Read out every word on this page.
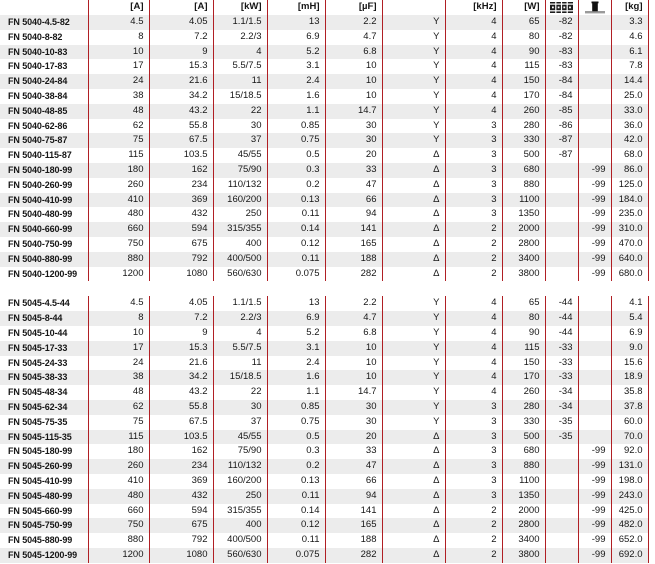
	[A]	[A]	[kW]	[mH]	[µF]		[kHz]	[W]			[kg]
FN 5040-4.5-82	4.5	4.05	1.1/1.5	13	2.2	Y	4	65	-82		3.3
FN 5040-8-82	8	7.2	2.2/3	6.9	4.7	Y	4	80	-82		4.6
FN 5040-10-83	10	9	4	5.2	6.8	Y	4	90	-83		6.1
FN 5040-17-83	17	15.3	5.5/7.5	3.1	10	Y	4	115	-83		7.8
FN 5040-24-84	24	21.6	11	2.4	10	Y	4	150	-84		14.4
FN 5040-38-84	38	34.2	15/18.5	1.6	10	Y	4	170	-84		25.0
FN 5040-48-85	48	43.2	22	1.1	14.7	Y	4	260	-85		33.0
FN 5040-62-86	62	55.8	30	0.85	30	Y	3	280	-86		36.0
FN 5040-75-87	75	67.5	37	0.75	30	Y	3	330	-87		42.0
FN 5040-115-87	115	103.5	45/55	0.5	20	Δ	3	500	-87		68.0
FN 5040-180-99	180	162	75/90	0.3	33	Δ	3	680		-99	86.0
FN 5040-260-99	260	234	110/132	0.2	47	Δ	3	880		-99	125.0
FN 5040-410-99	410	369	160/200	0.13	66	Δ	3	1100		-99	184.0
FN 5040-480-99	480	432	250	0.11	94	Δ	3	1350		-99	235.0
FN 5040-660-99	660	594	315/355	0.14	141	Δ	2	2000		-99	310.0
FN 5040-750-99	750	675	400	0.12	165	Δ	2	2800		-99	470.0
FN 5040-880-99	880	792	400/500	0.11	188	Δ	2	3400		-99	640.0
FN 5040-1200-99	1200	1080	560/630	0.075	282	Δ	2	3800		-99	680.0
FN 5045-4.5-44	4.5	4.05	1.1/1.5	13	2.2	Y	4	65	-44		4.1
FN 5045-8-44	8	7.2	2.2/3	6.9	4.7	Y	4	80	-44		5.4
FN 5045-10-44	10	9	4	5.2	6.8	Y	4	90	-44		6.9
FN 5045-17-33	17	15.3	5.5/7.5	3.1	10	Y	4	115	-33		9.0
FN 5045-24-33	24	21.6	11	2.4	10	Y	4	150	-33		15.6
FN 5045-38-33	38	34.2	15/18.5	1.6	10	Y	4	170	-33		18.9
FN 5045-48-34	48	43.2	22	1.1	14.7	Y	4	260	-34		35.8
FN 5045-62-34	62	55.8	30	0.85	30	Y	3	280	-34		37.8
FN 5045-75-35	75	67.5	37	0.75	30	Y	3	330	-35		60.0
FN 5045-115-35	115	103.5	45/55	0.5	20	Δ	3	500	-35		70.0
FN 5045-180-99	180	162	75/90	0.3	33	Δ	3	680		-99	92.0
FN 5045-260-99	260	234	110/132	0.2	47	Δ	3	880		-99	131.0
FN 5045-410-99	410	369	160/200	0.13	66	Δ	3	1100		-99	198.0
FN 5045-480-99	480	432	250	0.11	94	Δ	3	1350		-99	243.0
FN 5045-660-99	660	594	315/355	0.14	141	Δ	2	2000		-99	425.0
FN 5045-750-99	750	675	400	0.12	165	Δ	2	2800		-99	482.0
FN 5045-880-99	880	792	400/500	0.11	188	Δ	2	3400		-99	652.0
FN 5045-1200-99	1200	1080	560/630	0.075	282	Δ	2	3800		-99	692.0
